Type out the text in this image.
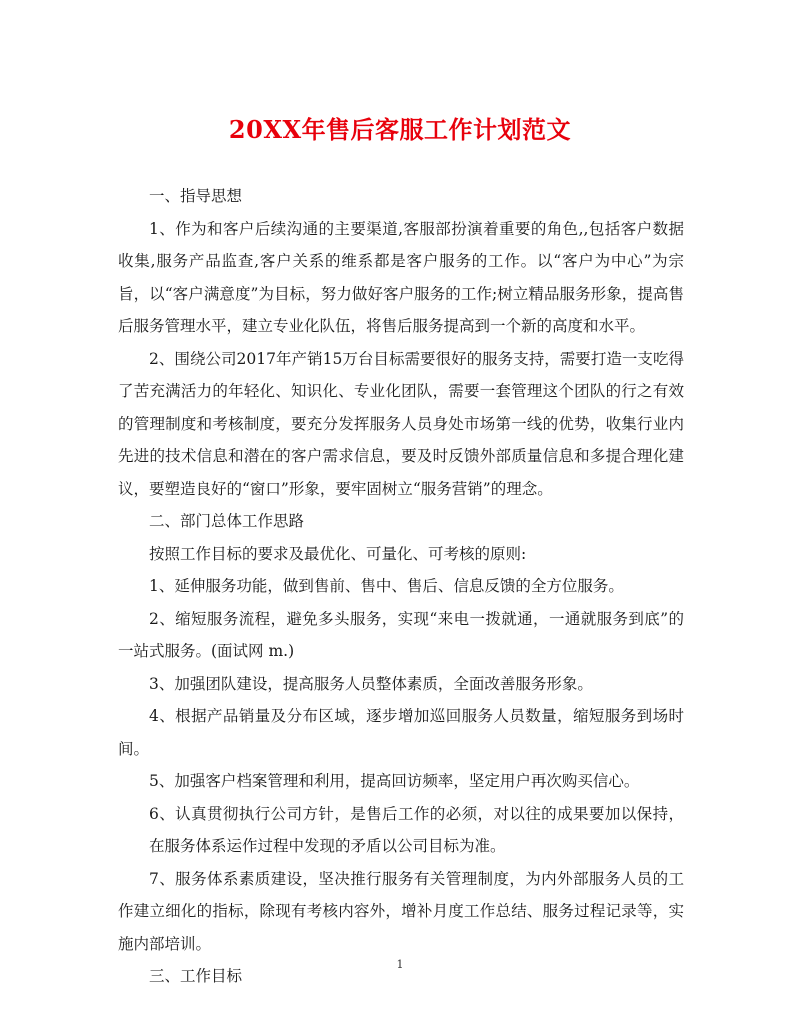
20XX年售后客服工作计划范文

一、指导思想

1、作为和客户后续沟通的主要渠道,客服部扮演着重要的角色,,包括客户数据收集,服务产品监查,客户关系的维系都是客户服务的工作。以“客户为中心”为宗旨，以“客户满意度”为目标，努力做好客户服务的工作;树立精品服务形象，提高售后服务管理水平，建立专业化队伍，将售后服务提高到一个新的高度和水平。

2、围绕公司2017年产销15万台目标需要很好的服务支持，需要打造一支吃得了苦充满活力的年轻化、知识化、专业化团队，需要一套管理这个团队的行之有效的管理制度和考核制度，要充分发挥服务人员身处市场第一线的优势，收集行业内先进的技术信息和潜在的客户需求信息，要及时反馈外部质量信息和多提合理化建议，要塑造良好的“窗口”形象，要牢固树立“服务营销”的理念。

二、部门总体工作思路

按照工作目标的要求及最优化、可量化、可考核的原则:

1、延伸服务功能，做到售前、售中、售后、信息反馈的全方位服务。

2、缩短服务流程，避免多头服务，实现“来电一拨就通，一通就服务到底”的一站式服务。(面试网 m.)

3、加强团队建设，提高服务人员整体素质，全面改善服务形象。

4、根据产品销量及分布区域，逐步增加巡回服务人员数量，缩短服务到场时间。

5、加强客户档案管理和利用，提高回访频率，坚定用户再次购买信心。

6、认真贯彻执行公司方针，是售后工作的必须，对以往的成果要加以保持，在服务体系运作过程中发现的矛盾以公司目标为准。

7、服务体系素质建设，坚决推行服务有关管理制度，为内外部服务人员的工作建立细化的指标，除现有考核内容外，增补月度工作总结、服务过程记录等，实施内部培训。

三、工作目标

1
